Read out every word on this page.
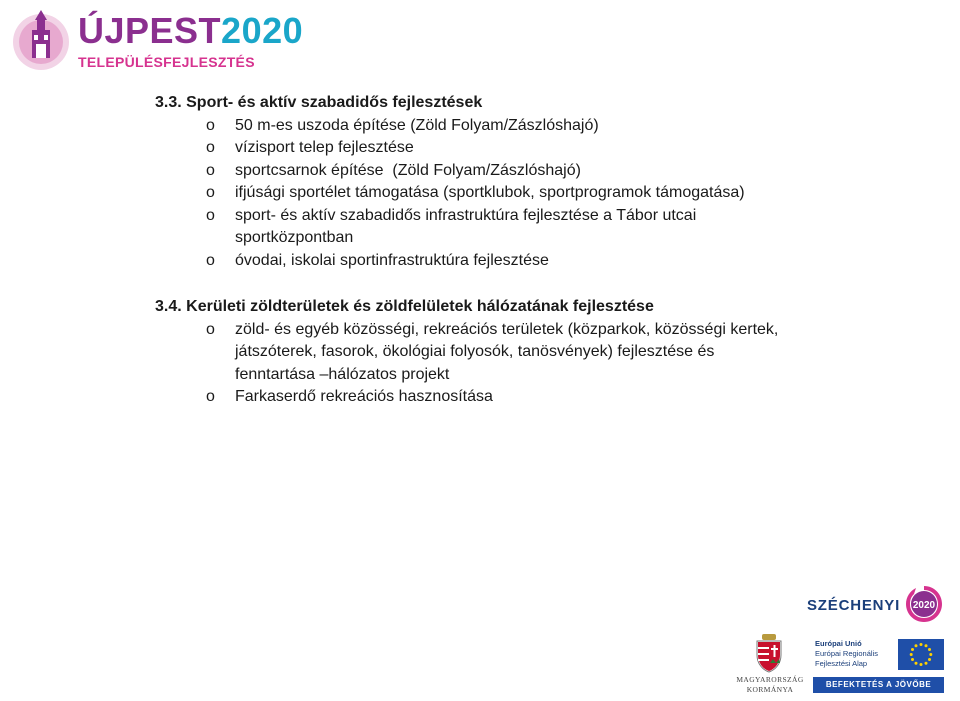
ÚJPEST2020
TELEPÜLÉSFEJLESZTÉS

3.3. Sport- és aktív szabadidős fejlesztések

o 50 m-es uszoda építése (Zöld Folyam/Zászlóshajó)
o vízisport telep fejlesztése
o sportcsarnok építése  (Zöld Folyam/Zászlóshajó)
o ifjúsági sportélet támogatása (sportklubok, sportprogramok támogatása)
o sport- és aktív szabadidős infrastruktúra fejlesztése a Tábor utcai
sportközpontban
o óvodai, iskolai sportinfrastruktúra fejlesztése

3.4. Kerületi zöldterületek és zöldfelületek hálózatának fejlesztése

o zöld- és egyéb közösségi, rekreációs területek (közparkok, közösségi kertek,
játszóterek, fasorok, ökológiai folyosók, tanösvények) fejlesztése és
fenntartása –hálózatos projekt
o Farkaserdő rekreációs hasznosítása
SZÉCHENYI 2020
MAGYARORSZÁG
KORMÁNYA
Európai Unió
Európai Regionális
Fejlesztési Alap
BEFEKTETÉS A JÖVŐBE
